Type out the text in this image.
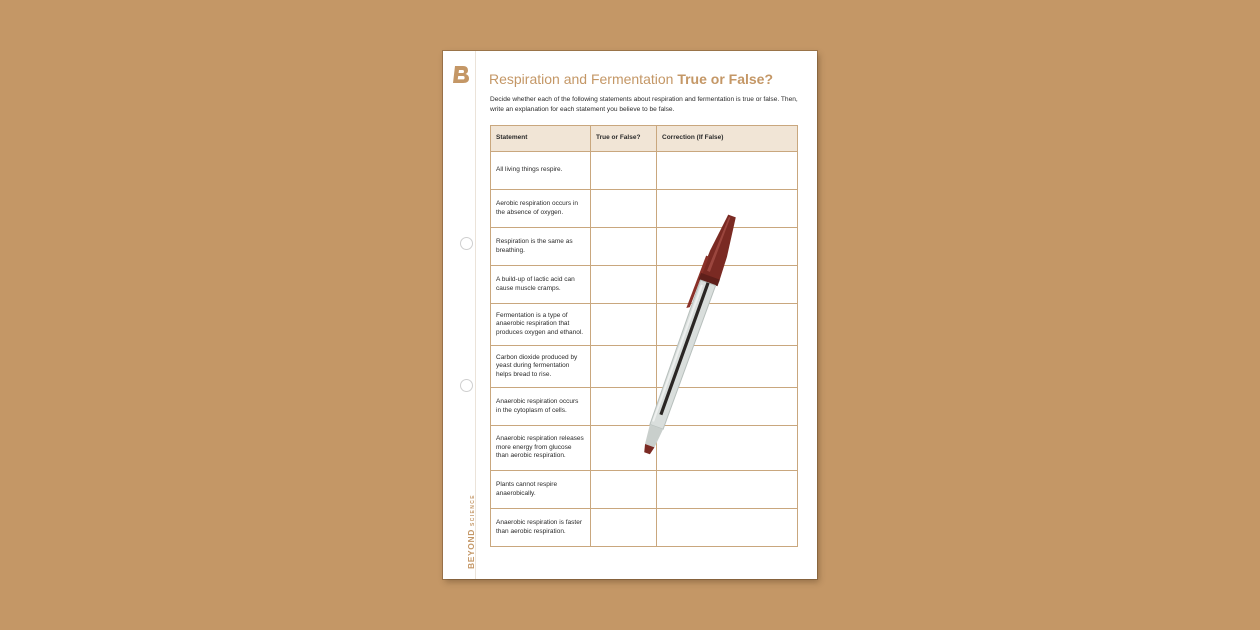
BEYONDSCIENCE
Respiration and Fermentation True or False?
Decide whether each of the following statements about respiration and fermentation is true or false. Then, write an explanation for each statement you believe to be false.
Statement	True or False?	Correction (If False)
All living things respire.		
Aerobic respiration occurs in the absence of oxygen.		
Respiration is the same as breathing.		
A build-up of lactic acid can cause muscle cramps.		
Fermentation is a type of anaerobic respiration that produces oxygen and ethanol.		
Carbon dioxide produced by yeast during fermentation helps bread to rise.		
Anaerobic respiration occurs in the cytoplasm of cells.		
Anaerobic respiration releases more energy from glucose than aerobic respiration.		
Plants cannot respire anaerobically.		
Anaerobic respiration is faster than aerobic respiration.		
